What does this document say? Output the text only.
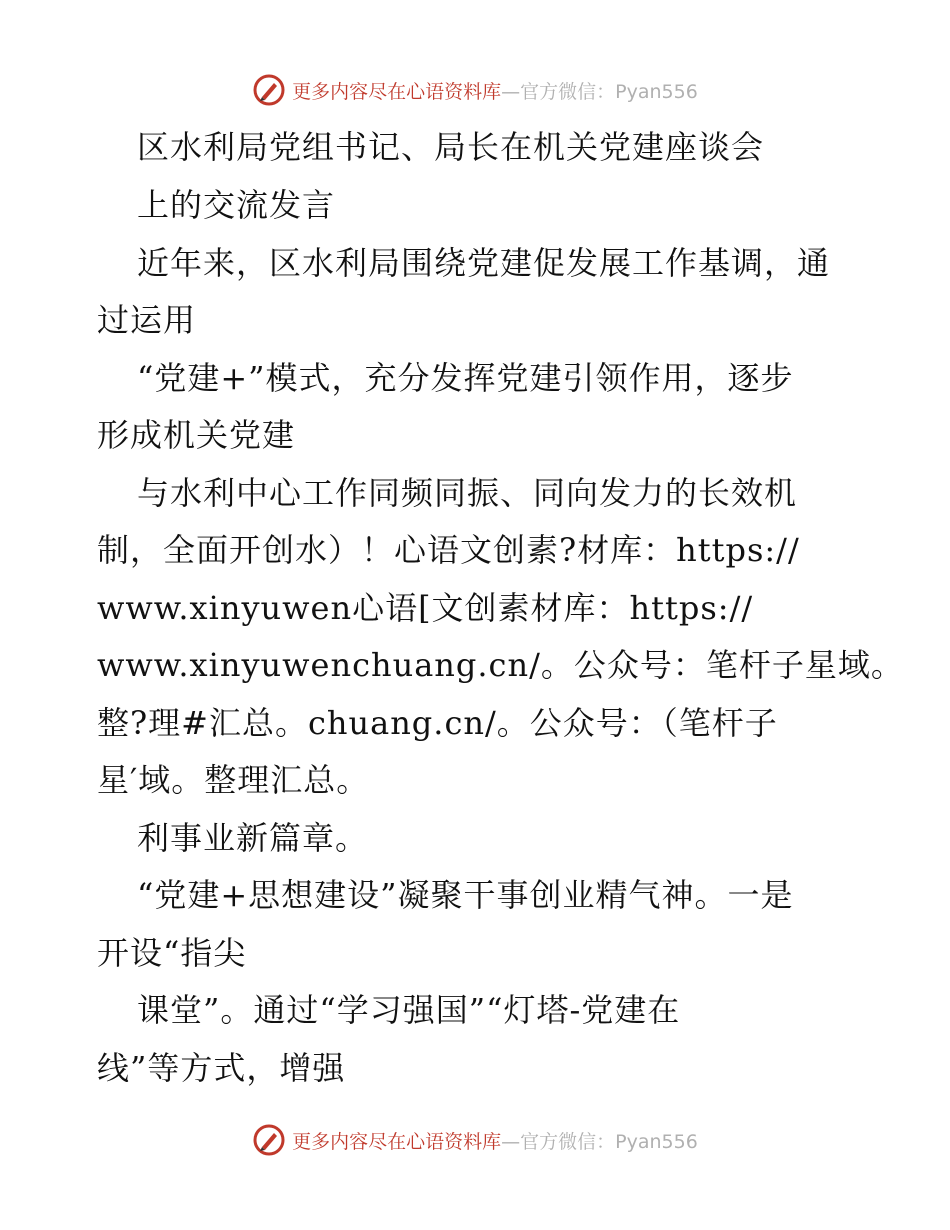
更多内容尽在心语资料库—官方微信：Pyan556
区水利局党组书记、局长在机关党建座谈会
上的交流发言
近年来，区水利局围绕党建促发展工作基调，通
过运用
“党建+”模式，充分发挥党建引领作用，逐步
形成机关党建
与水利中心工作同频同振、同向发力的长效机
制，全面开创水）！心语文创素?材库：https://
www.xinyuwen心语[文创素材库：https://
www.xinyuwenchuang.cn/。公众号：笔杆子星域。
整?理#汇总。chuang.cn/。公众号：（笔杆子
星′域。整理汇总。
利事业新篇章。
“党建+思想建设”凝聚干事创业精气神。一是
开设“指尖
课堂”。通过“学习强国”“灯塔-党建在
线”等方式，增强
更多内容尽在心语资料库—官方微信：Pyan556
